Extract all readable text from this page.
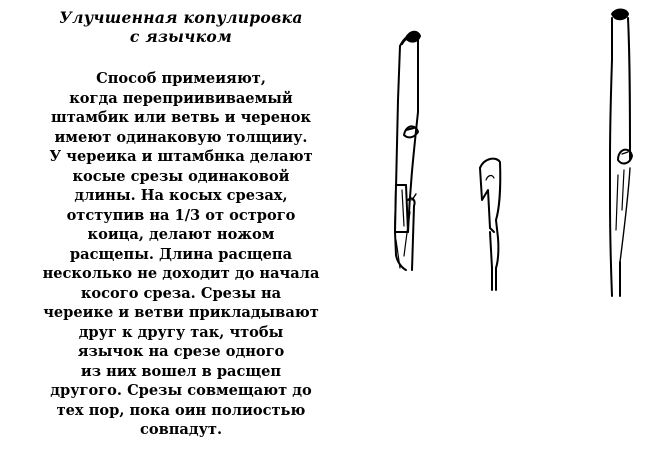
Улучшенная копулировка
с язычком
Способ примеияют,
когда переприививаемый
штамбик или ветвь и черенок
имеют одинаковую толщииу.
У череика и штамбнка делают
косые срезы одинаковой
длины. На косых срезах,
отступив на 1/3 от острого
коица, делают ножом
расщепы. Длина расщепа
несколько не доходит до начала
косого среза. Срезы на
череике и ветви прикладывают
друг к другу так, чтобы
язычок на срезе одного
из них вошел в расщеп
другого. Срезы совмещают до
тех пор, пока оин полиостью
совпадут.
